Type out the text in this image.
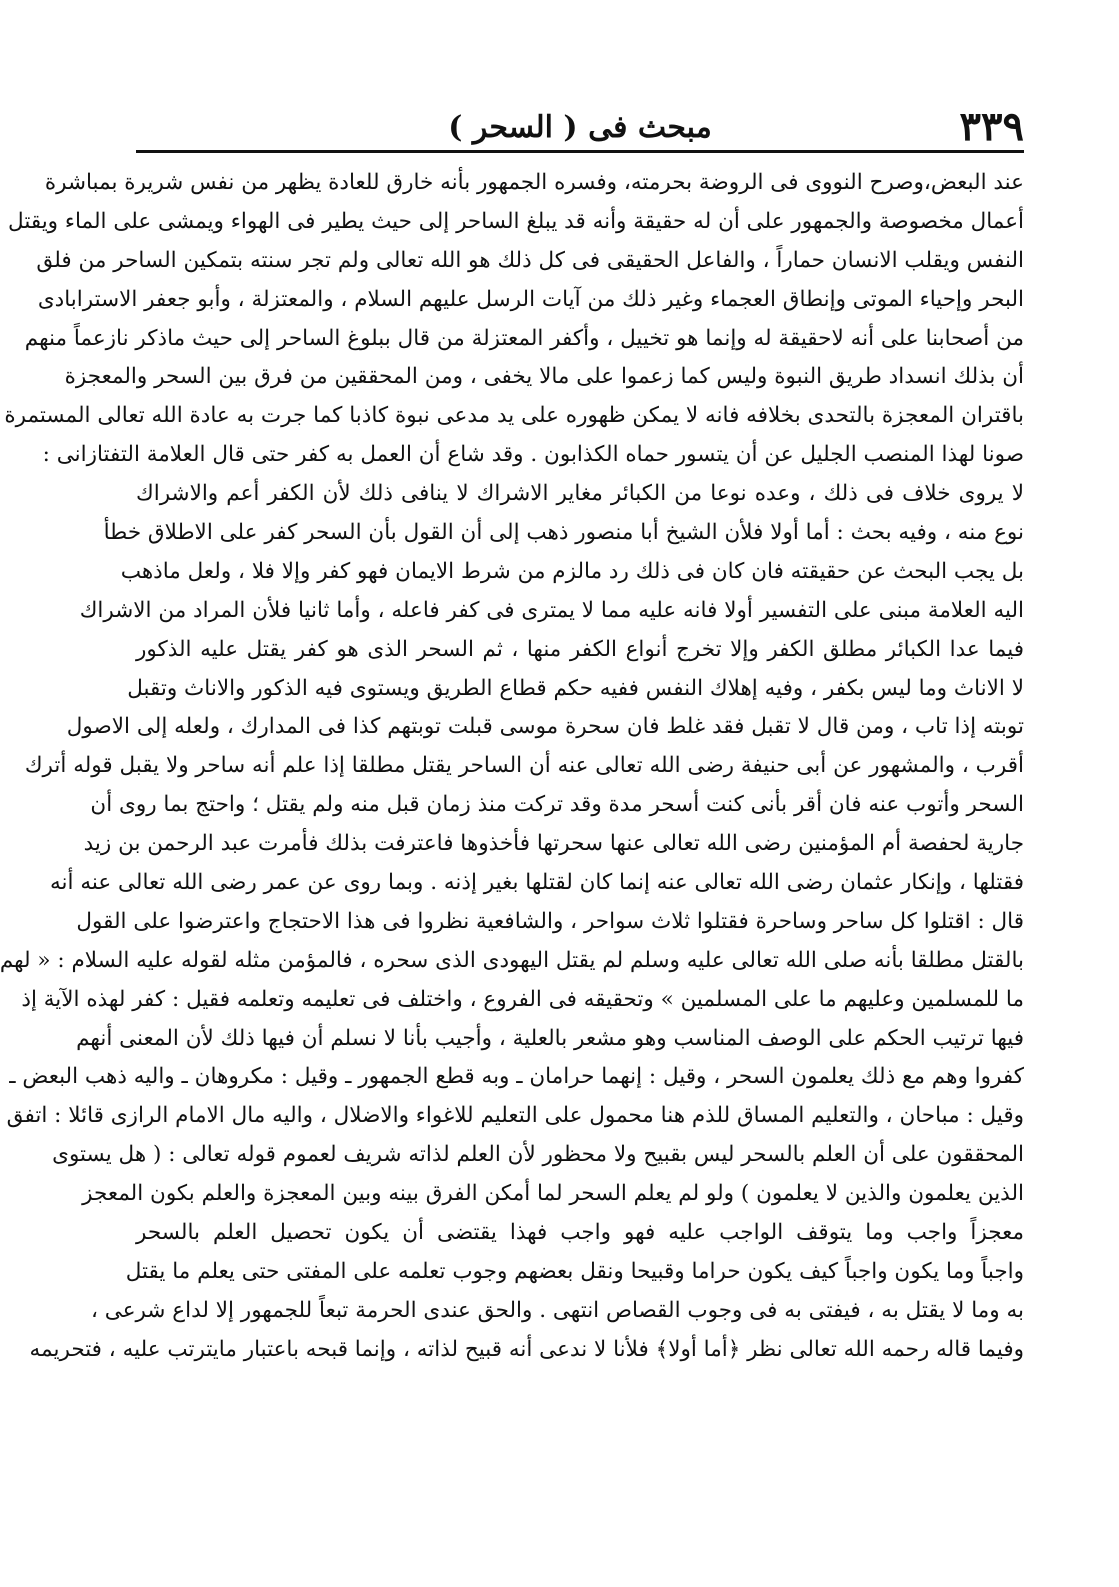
٣٣٩
مبحث فى ( السحر )
عند البعض،وصرح النووى فى الروضة بحرمته، وفسره الجمهور بأنه خارق للعادة يظهر من نفس شريرة بمباشرة
أعمال مخصوصة والجمهور على أن له حقيقة وأنه قد يبلغ الساحر إلى حيث يطير فى الهواء ويمشى على الماء ويقتل
النفس ويقلب الانسان حماراً ، والفاعل الحقيقى فى كل ذلك هو الله تعالى ولم تجر سنته بتمكين الساحر من فلق
البحر وإحياء الموتى وإنطاق العجماء وغير ذلك من آيات الرسل عليهم السلام ، والمعتزلة ، وأبو جعفر الاسترابادى
من أصحابنا على أنه لاحقيقة له وإنما هو تخييل ، وأكفر المعتزلة من قال ببلوغ الساحر إلى حيث ماذكر نازعماً منهم
أن بذلك انسداد طريق النبوة وليس كما زعموا على مالا يخفى ، ومن المحققين من فرق بين السحر والمعجزة
باقتران المعجزة بالتحدى بخلافه فانه لا يمكن ظهوره على يد مدعى نبوة كاذبا كما جرت به عادة الله تعالى المستمرة
صونا لهذا المنصب الجليل عن أن يتسور حماه الكذابون . وقد شاع أن العمل به كفر حتى قال العلامة التفتازانى :
لا يروى خلاف فى ذلك ، وعده نوعا من الكبائر مغاير الاشراك لا ينافى ذلك لأن الكفر أعم والاشراك
نوع منه ، وفيه بحث : أما أولا فلأن الشيخ أبا منصور ذهب إلى أن القول بأن السحر كفر على الاطلاق خطأ
بل يجب البحث عن حقيقته فان كان فى ذلك رد مالزم من شرط الايمان فهو كفر وإلا فلا ، ولعل ماذهب
اليه العلامة مبنى على التفسير أولا فانه عليه مما لا يمترى فى كفر فاعله ، وأما ثانيا فلأن المراد من الاشراك
فيما عدا الكبائر مطلق الكفر وإلا تخرج أنواع الكفر منها ، ثم السحر الذى هو كفر يقتل عليه الذكور
لا الاناث وما ليس بكفر ، وفيه إهلاك النفس ففيه حكم قطاع الطريق ويستوى فيه الذكور والاناث وتقبل
توبته إذا تاب ، ومن قال لا تقبل فقد غلط فان سحرة موسى قبلت توبتهم كذا فى المدارك ، ولعله إلى الاصول
أقرب ، والمشهور عن أبى حنيفة رضى الله تعالى عنه أن الساحر يقتل مطلقا إذا علم أنه ساحر ولا يقبل قوله أترك
السحر وأتوب عنه فان أقر بأنى كنت أسحر مدة وقد تركت منذ زمان قبل منه ولم يقتل ؛ واحتج بما روى أن
جارية لحفصة أم المؤمنين رضى الله تعالى عنها سحرتها فأخذوها فاعترفت بذلك فأمرت عبد الرحمن بن زيد
فقتلها ، وإنكار عثمان رضى الله تعالى عنه إنما كان لقتلها بغير إذنه . وبما روى عن عمر رضى الله تعالى عنه أنه
قال : اقتلوا كل ساحر وساحرة فقتلوا ثلاث سواحر ، والشافعية نظروا فى هذا الاحتجاج واعترضوا على القول
بالقتل مطلقا بأنه صلى الله تعالى عليه وسلم لم يقتل اليهودى الذى سحره ، فالمؤمن مثله لقوله عليه السلام : « لهم
ما للمسلمين وعليهم ما على المسلمين » وتحقيقه فى الفروع ، واختلف فى تعليمه وتعلمه فقيل : كفر لهذه الآية إذ
فيها ترتيب الحكم على الوصف المناسب وهو مشعر بالعلية ، وأجيب بأنا لا نسلم أن فيها ذلك لأن المعنى أنهم
كفروا وهم مع ذلك يعلمون السحر ، وقيل : إنهما حرامان ـ وبه قطع الجمهور ـ وقيل : مكروهان ـ واليه ذهب البعض ـ
وقيل : مباحان ، والتعليم المساق للذم هنا محمول على التعليم للاغواء والاضلال ، واليه مال الامام الرازى قائلا : اتفق
المحققون على أن العلم بالسحر ليس بقبيح ولا محظور لأن العلم لذاته شريف لعموم قوله تعالى : ( هل يستوى
الذين يعلمون والذين لا يعلمون ) ولو لم يعلم السحر لما أمكن الفرق بينه وبين المعجزة والعلم بكون المعجز
معجزاً واجب وما يتوقف الواجب عليه فهو واجب فهذا يقتضى أن يكون تحصيل العلم بالسحر
واجباً وما يكون واجباً كيف يكون حراما وقبيحا ونقل بعضهم وجوب تعلمه على المفتى حتى يعلم ما يقتل
به وما لا يقتل به ، فيفتى به فى وجوب القصاص انتهى . والحق عندى الحرمة تبعاً للجمهور إلا لداع شرعى ،
وفيما قاله رحمه الله تعالى نظر ﴿أما أولا﴾ فلأنا لا ندعى أنه قبيح لذاته ، وإنما قبحه باعتبار مايترتب عليه ، فتحريمه
